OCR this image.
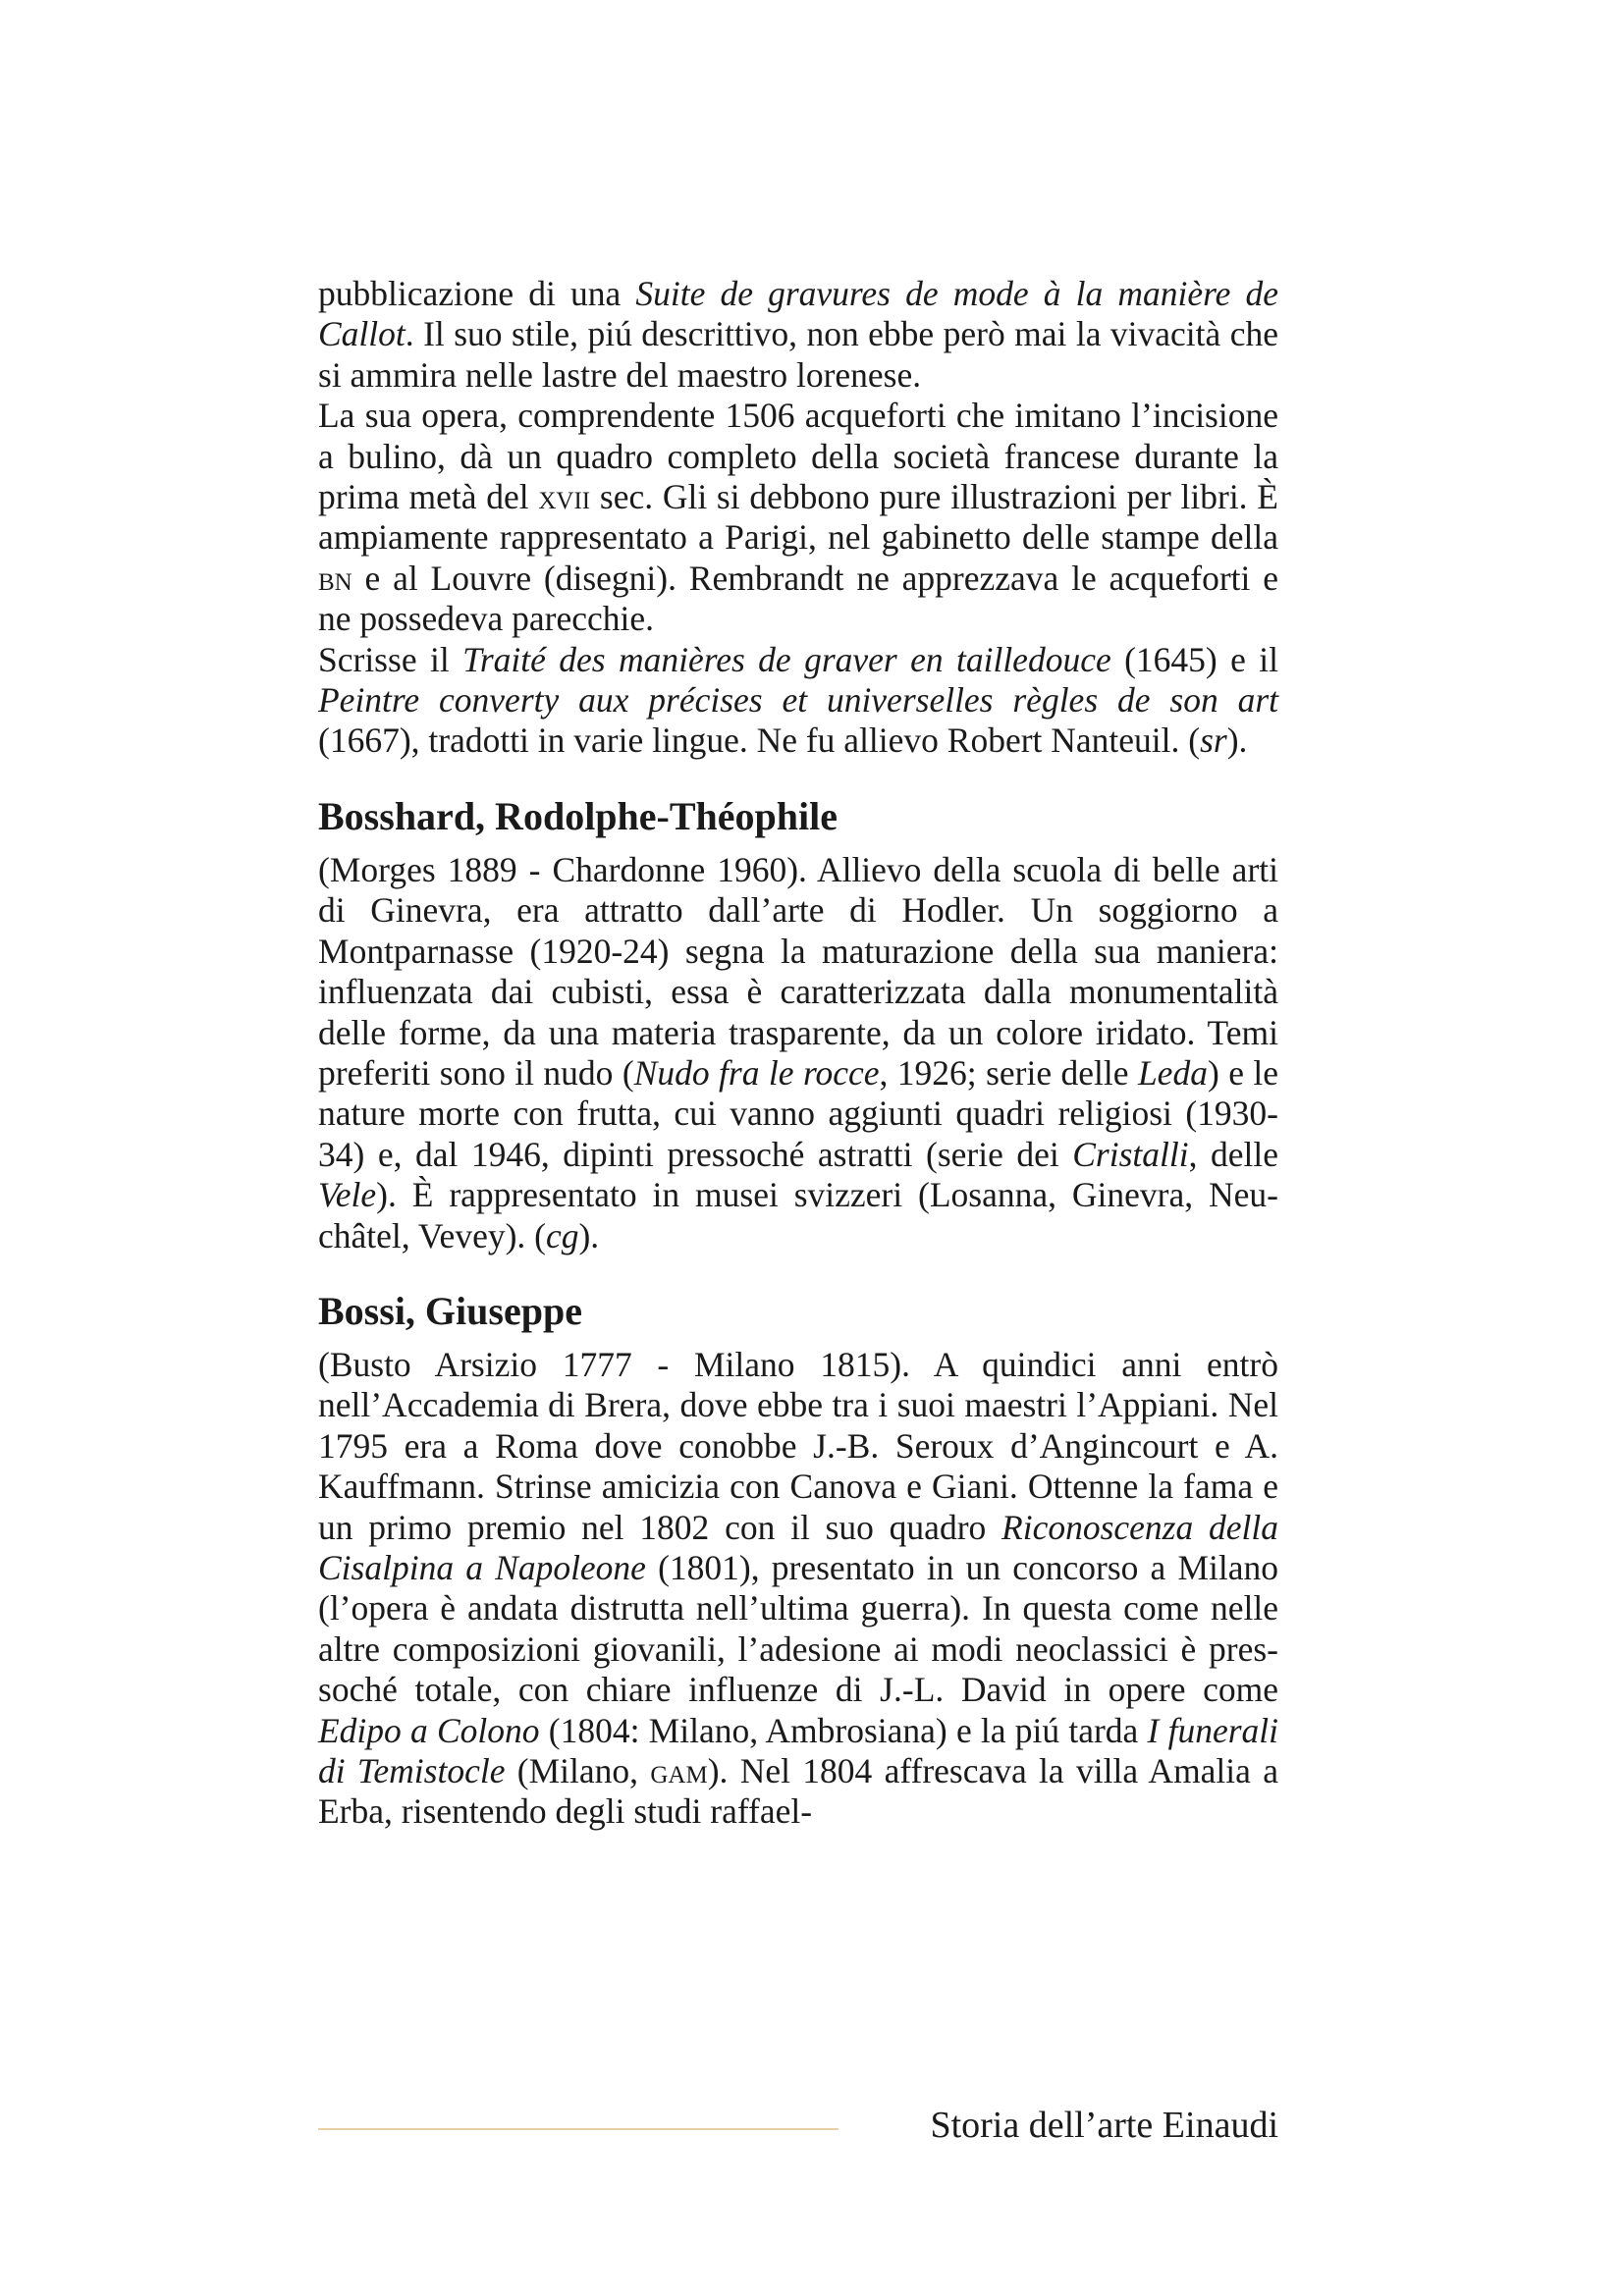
pubblicazione di una Suite de gravures de mode à la manière de Callot. Il suo stile, piú descrittivo, non ebbe però mai la vivacità che si ammira nelle lastre del maestro lorenese.

La sua opera, comprendente 1506 acqueforti che imitano l’incisione a bulino, dà un quadro completo della società francese durante la prima metà del xvii sec. Gli si debbono pure illustrazioni per libri. È ampiamente rappresentato a Parigi, nel gabinetto delle stampe della bn e al Louvre (disegni). Rembrandt ne apprezzava le acqueforti e ne possedeva parecchie.

Scrisse il Traité des manières de graver en tailledouce (1645) e il Peintre converty aux précises et universelles règles de son art (1667), tradotti in varie lingue. Ne fu allievo Robert Nanteuil. (sr).

Bosshard, Rodolphe-Théophile

(Morges 1889 - Chardonne 1960). Allievo della scuola di belle arti di Ginevra, era attratto dall’arte di Hodler. Un soggiorno a Montparnasse (1920-24) segna la maturazione della sua maniera: influenzata dai cubisti, essa è caratterizzata dalla monumentalità delle forme, da una materia trasparente, da un colore iridato. Temi preferiti sono il nudo (Nudo fra le rocce, 1926; serie delle Leda) e le nature morte con frutta, cui vanno aggiunti quadri religiosi (1930-34) e, dal 1946, dipinti pressoché astratti (serie dei Cristalli, delle Vele). È rappresentato in musei svizzeri (Losanna, Ginevra, Neuchâtel, Vevey). (cg).

Bossi, Giuseppe

(Busto Arsizio 1777 - Milano 1815). A quindici anni entrò nell’Accademia di Brera, dove ebbe tra i suoi maestri l’Appiani. Nel 1795 era a Roma dove conobbe J.-B. Seroux d’Angincourt e A. Kauffmann. Strinse amicizia con Canova e Giani. Ottenne la fama e un primo premio nel 1802 con il suo quadro Riconoscenza della Cisalpina a Napoleone (1801), presentato in un concorso a Milano (l’opera è andata distrutta nell’ultima guerra). In questa come nelle altre composizioni giovanili, l’adesione ai modi neoclassici è pressoché totale, con chiare influenze di J.-L. David in opere come Edipo a Colono (1804: Milano, Ambrosiana) e la piú tarda I funerali di Temistocle (Milano, gam). Nel 1804 affrescava la villa Amalia a Erba, risentendo degli studi raffael-

Storia dell’arte Einaudi
